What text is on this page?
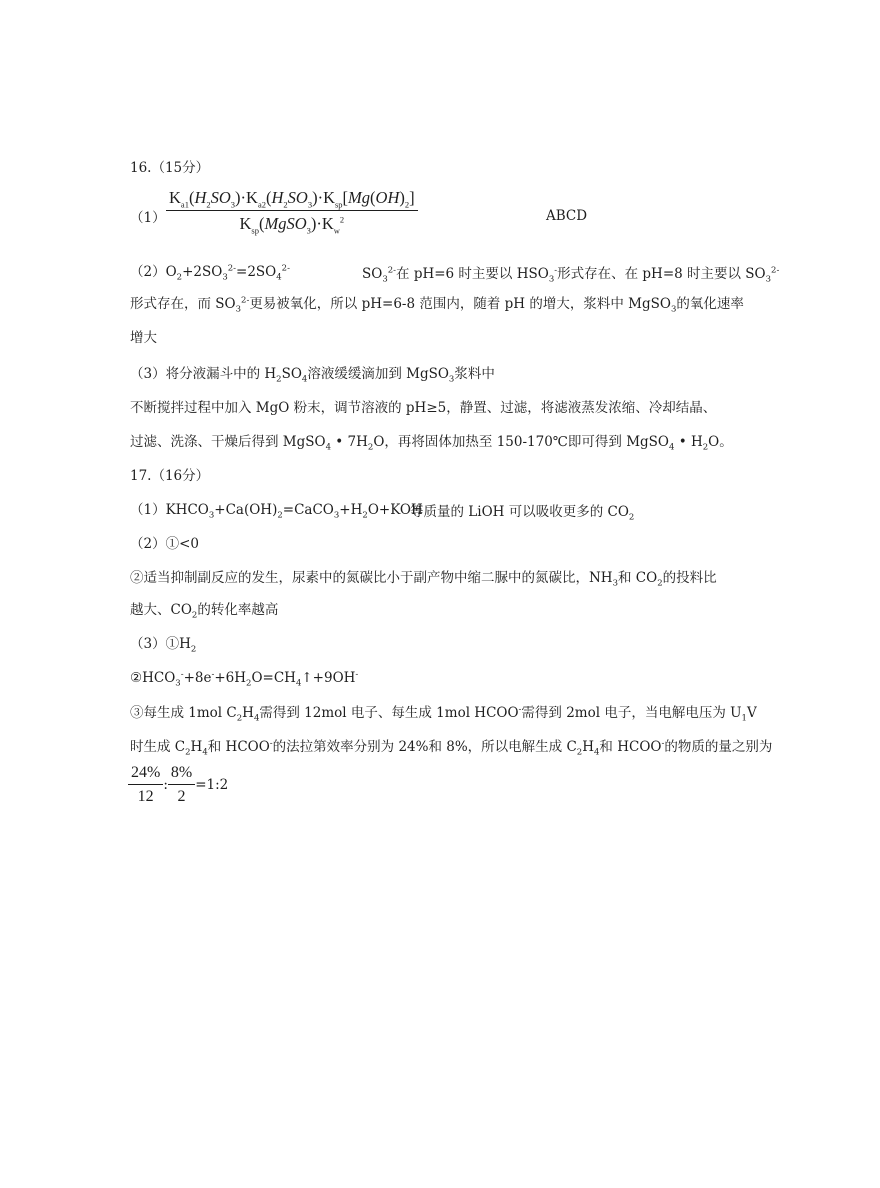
16.（15分）
$(1) \frac{K_{a1}(H_2SO_3)\cdot K_{a2}(H_2SO_3)\cdot K_{sp}[Mg(OH)_2]}{K_{sp}(MgSO_3)\cdot K_w^2}$	ABCD
$(2)O_2+2SO_3^{2-}=2SO_4^{2-}$	$SO_3^{2-}$在 pH=6 时主要以 $HSO_3^-$形式存在、在 pH=8 时主要以 $SO_3^{2-}$
形式存在，而 $SO_3^{2-}$更易被氧化，所以 pH=6-8 范围内，随着 pH 的增大，浆料中 MgSO$_3$的氧化速率
增大
（3）将分液漏斗中的 $H_2SO_4$溶液缓缓滴加到 MgSO$_3$浆料中
不断搅拌过程中加入 MgO 粉末，调节溶液的 pH≥5，静置、过滤，将滤液蒸发浓缩、冷却结晶、
过滤、洗涤、干燥后得到 MgSO$_4$ • $7H_2O$，再将固体加热至 150-170℃即可得到 MgSO$_4$ • $H_2O$。
17.（16分）
$(1)KHCO_3+Ca(OH)_2=CaCO_3+H_2O+KOH$
等质量的 LiOH 可以吸收更多的 $CO_2$
（2）①<0
②适当抑制副反应的发生，尿素中的氮碳比小于副产物中缩二脲中的氮碳比，$NH_3$和 $CO_2$的投料比
越大、$CO_2$的转化率越高
$(3)①H_2$
$②HCO_3^-+8e^-+6H_2O=CH_4↑+9OH^-$
③每生成 1mol $C_2H_4$需得到 12mol 电子、每生成 1mol HCOO-需得到 2mol 电子，当电解电压为 $U_1V$
时生成 $C_2H_4$和 HCOO-的法拉第效率分别为 24%和 8%，所以电解生成 $C_2H_4$和 HCOO-的物质的量之别为
$\frac{24\%}{12}$ : $\frac{8\%}{2}$ =1:2
